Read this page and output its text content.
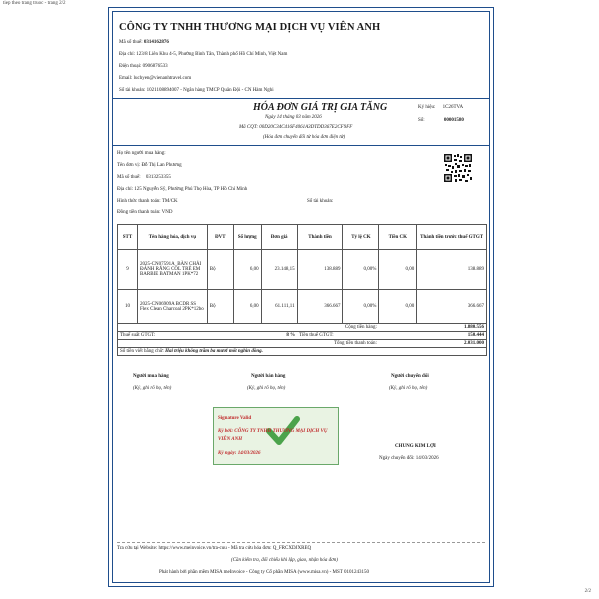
tiep theo trang truoc - trang 2/2
CÔNG TY TNHH THƯƠNG MẠI DỊCH VỤ VIÊN ANH
Mã số thuế: 0314162876
Địa chỉ: 123/8 Liên Khu 4-5, Phường Bình Tân, Thành phố Hồ Chí Minh, Việt Nam
Điện thoại: 0906876533
Email: luchyen@vienanhtravel.com
Số tài khoản: 1021108894007 - Ngân hàng TMCP Quân Đội - CN Hàm Nghi
HÓA ĐƠN GIÁ TRỊ GIA TĂNG
Ngày 14 tháng 03 năm 2026
Mã CQT: 00D20C34C416F4061A3DTDD367E2CF9FF
(Hóa đơn chuyển đổi từ hóa đơn điện tử)
Ký hiệu: 1C26TVA
Số:	00001580
Họ tên người mua hàng:
Tên đơn vị: Đỗ Thị Lan Phương
Mã số thuế: 0313253355
Địa chỉ: 125 Nguyễn Sỹ, Phường Phú Thọ Hòa, TP Hồ Chí Minh
Hình thức thanh toán: TM/CK	Số tài khoản:
Đồng tiền thanh toán: VND
STT	Tên hàng hóa, dịch vụ	ĐVT	Số lượng	Đơn giá	Thành tiền	Tỷ lệ CK	Tiền CK	Thành tiền trước thuế GTGT
9	2025-CN07591A_BÀN CHẢI ĐÁNH RĂNG COL TRẺ EM BARBIE BATMAN 1PK*72	Bộ	6,00	23.148,15	138.889	0,00%	0,00	138.889
10	2025-CN06909A BCDR SS Flex Clean Charcoal 2PK*12bo	Bộ	6,00	61.111,11	366.667	0,00%	0,00	366.667
Cộng tiền hàng:							1.880.556	
Thuế suất GTGT:				8 %	Tiền thuế GTGT:		150.444	
Tổng tiền thanh toán:							2.031.000	
Số tiền viết bằng chữ: Hai triệu không trăm ba mươi mốt nghìn đồng.								
Người mua hàng
(Ký, ghi rõ họ, tên)
Người bán hàng
(Ký, ghi rõ họ, tên)
Người chuyển đổi
(Ký, ghi rõ họ, tên)
Signature Valid
Ký bởi: CÔNG TY TNHH THƯƠNG MẠI DỊCH VỤ VIÊN ANH
Ký ngày: 14/03/2026
CHUNG KIM LỢI
Ngày chuyển đổi: 14/03/2026
Tra cứu tại Website: https://www.meinvoice.vn/tra-cuu - Mã tra cứu hóa đơn: Q_FRCXDJXREQ
(Cần kiểm tra, đối chiếu khi lập, giao, nhận hóa đơn)
Phát hành bởi phần mềm MISA meInvoice - Công ty Cổ phần MISA (www.misa.vn) - MST 0101243150
2/2
